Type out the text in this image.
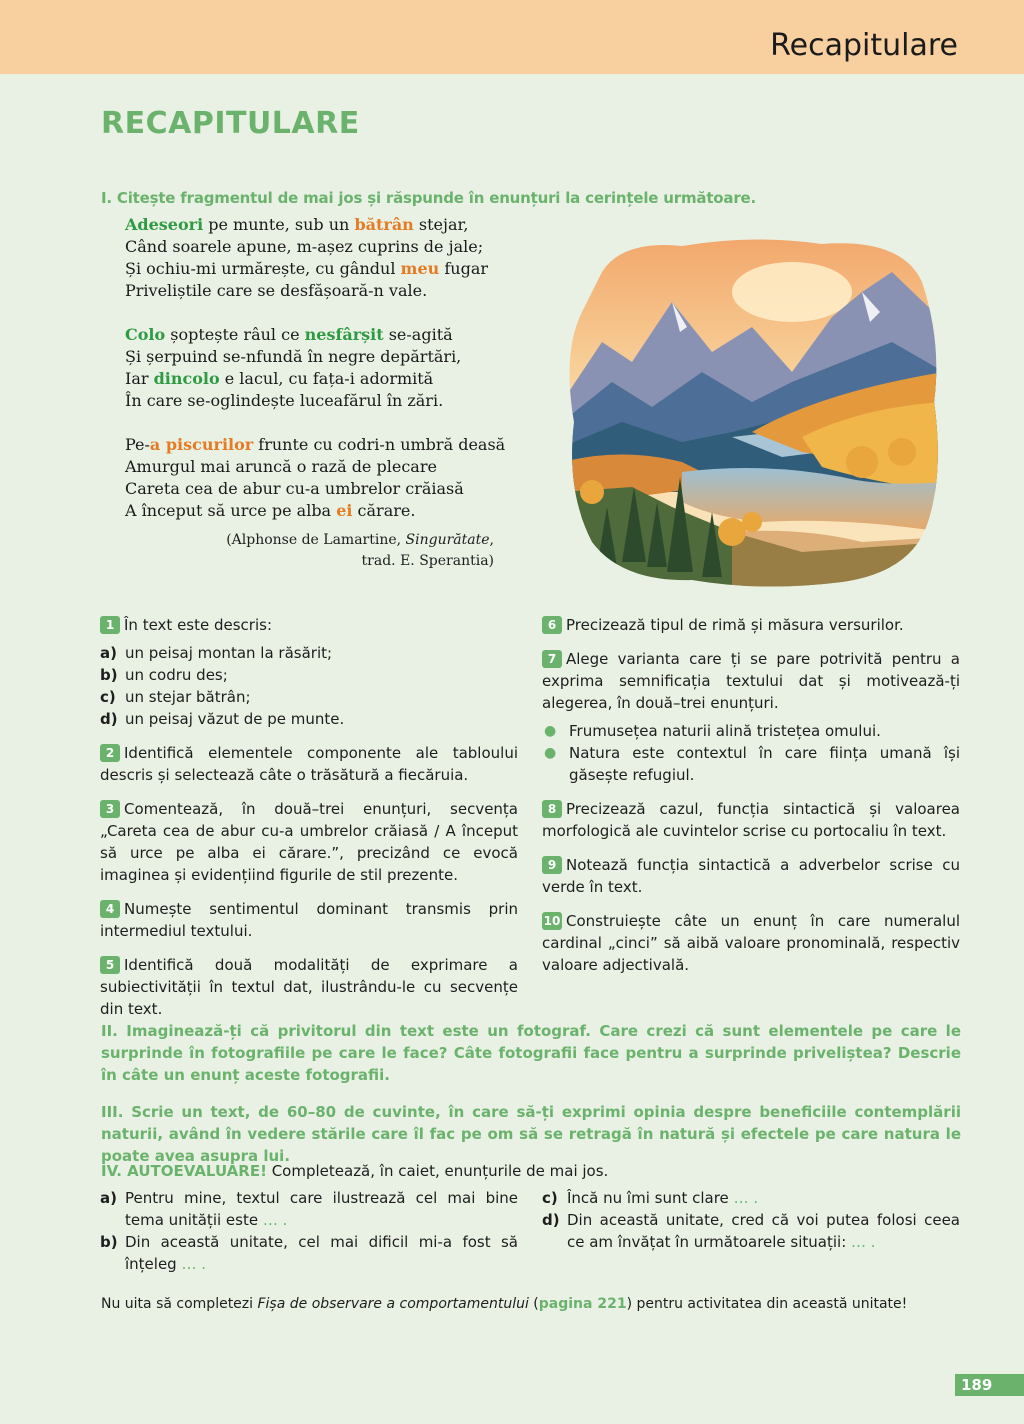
Recapitulare
RECAPITULARE
I. Citește fragmentul de mai jos și răspunde în enunțuri la cerințele următoare.
Adeseori pe munte, sub un bătrân stejar,
Când soarele apune, m-așez cuprins de jale;
Și ochiu-mi urmărește, cu gândul meu fugar
Priveliștile care se desfășoară-n vale.
Colo șoptește râul ce nesfârșit se-agită
Și șerpuind se-nfundă în negre depărtări,
Iar dincolo e lacul, cu fața-i adormită
În care se-oglindește luceafărul în zări.
Pe-a piscurilor frunte cu codri-n umbră deasă
Amurgul mai aruncă o rază de plecare
Careta cea de abur cu-a umbrelor crăiasă
A început să urce pe alba ei cărare.
(Alphonse de Lamartine, Singurătate,
trad. E. Sperantia)
1 În text este descris:
a) un peisaj montan la răsărit;
b) un codru des;
c) un stejar bătrân;
d) un peisaj văzut de pe munte.
2 Identifică elementele componente ale tabloului descris și selectează câte o trăsătură a fiecăruia.
3 Comentează, în două–trei enunțuri, secvența „Careta cea de abur cu-a umbrelor crăiasă / A început să urce pe alba ei cărare.”, precizând ce evocă imaginea și evidențiind figurile de stil prezente.
4 Numește sentimentul dominant transmis prin intermediul textului.
5 Identifică două modalități de exprimare a subiectivității în textul dat, ilustrându-le cu secvențe din text.
6 Precizează tipul de rimă și măsura versurilor.
7 Alege varianta care ți se pare potrivită pentru a exprima semnificația textului dat și motivează-ți alegerea, în două–trei enunțuri.
● Frumusețea naturii alină tristețea omului.
● Natura este contextul în care ființa umană își găsește refugiul.
8 Precizează cazul, funcția sintactică și valoarea morfologică ale cuvintelor scrise cu portocaliu în text.
9 Notează funcția sintactică a adverbelor scrise cu verde în text.
10 Construiește câte un enunț în care numeralul cardinal „cinci” să aibă valoare pronominală, respectiv valoare adjectivală.
II. Imaginează-ți că privitorul din text este un fotograf. Care crezi că sunt elementele pe care le surprinde în fotografiile pe care le face? Câte fotografii face pentru a surprinde priveliștea? Descrie în câte un enunț aceste fotografii.
III. Scrie un text, de 60–80 de cuvinte, în care să-ți exprimi opinia despre beneficiile contemplării naturii, având în vedere stările care îl fac pe om să se retragă în natură și efectele pe care natura le poate avea asupra lui.
IV. AUTOEVALUARE! Completează, în caiet, enunțurile de mai jos.
a) Pentru mine, textul care ilustrează cel mai bine tema unității este … .
b) Din această unitate, cel mai dificil mi-a fost să înțeleg … .
c) Încă nu îmi sunt clare … .
d) Din această unitate, cred că voi putea folosi ceea ce am învățat în următoarele situații: … .
Nu uita să completezi Fișa de observare a comportamentului (pagina 221) pentru activitatea din această unitate!
189
